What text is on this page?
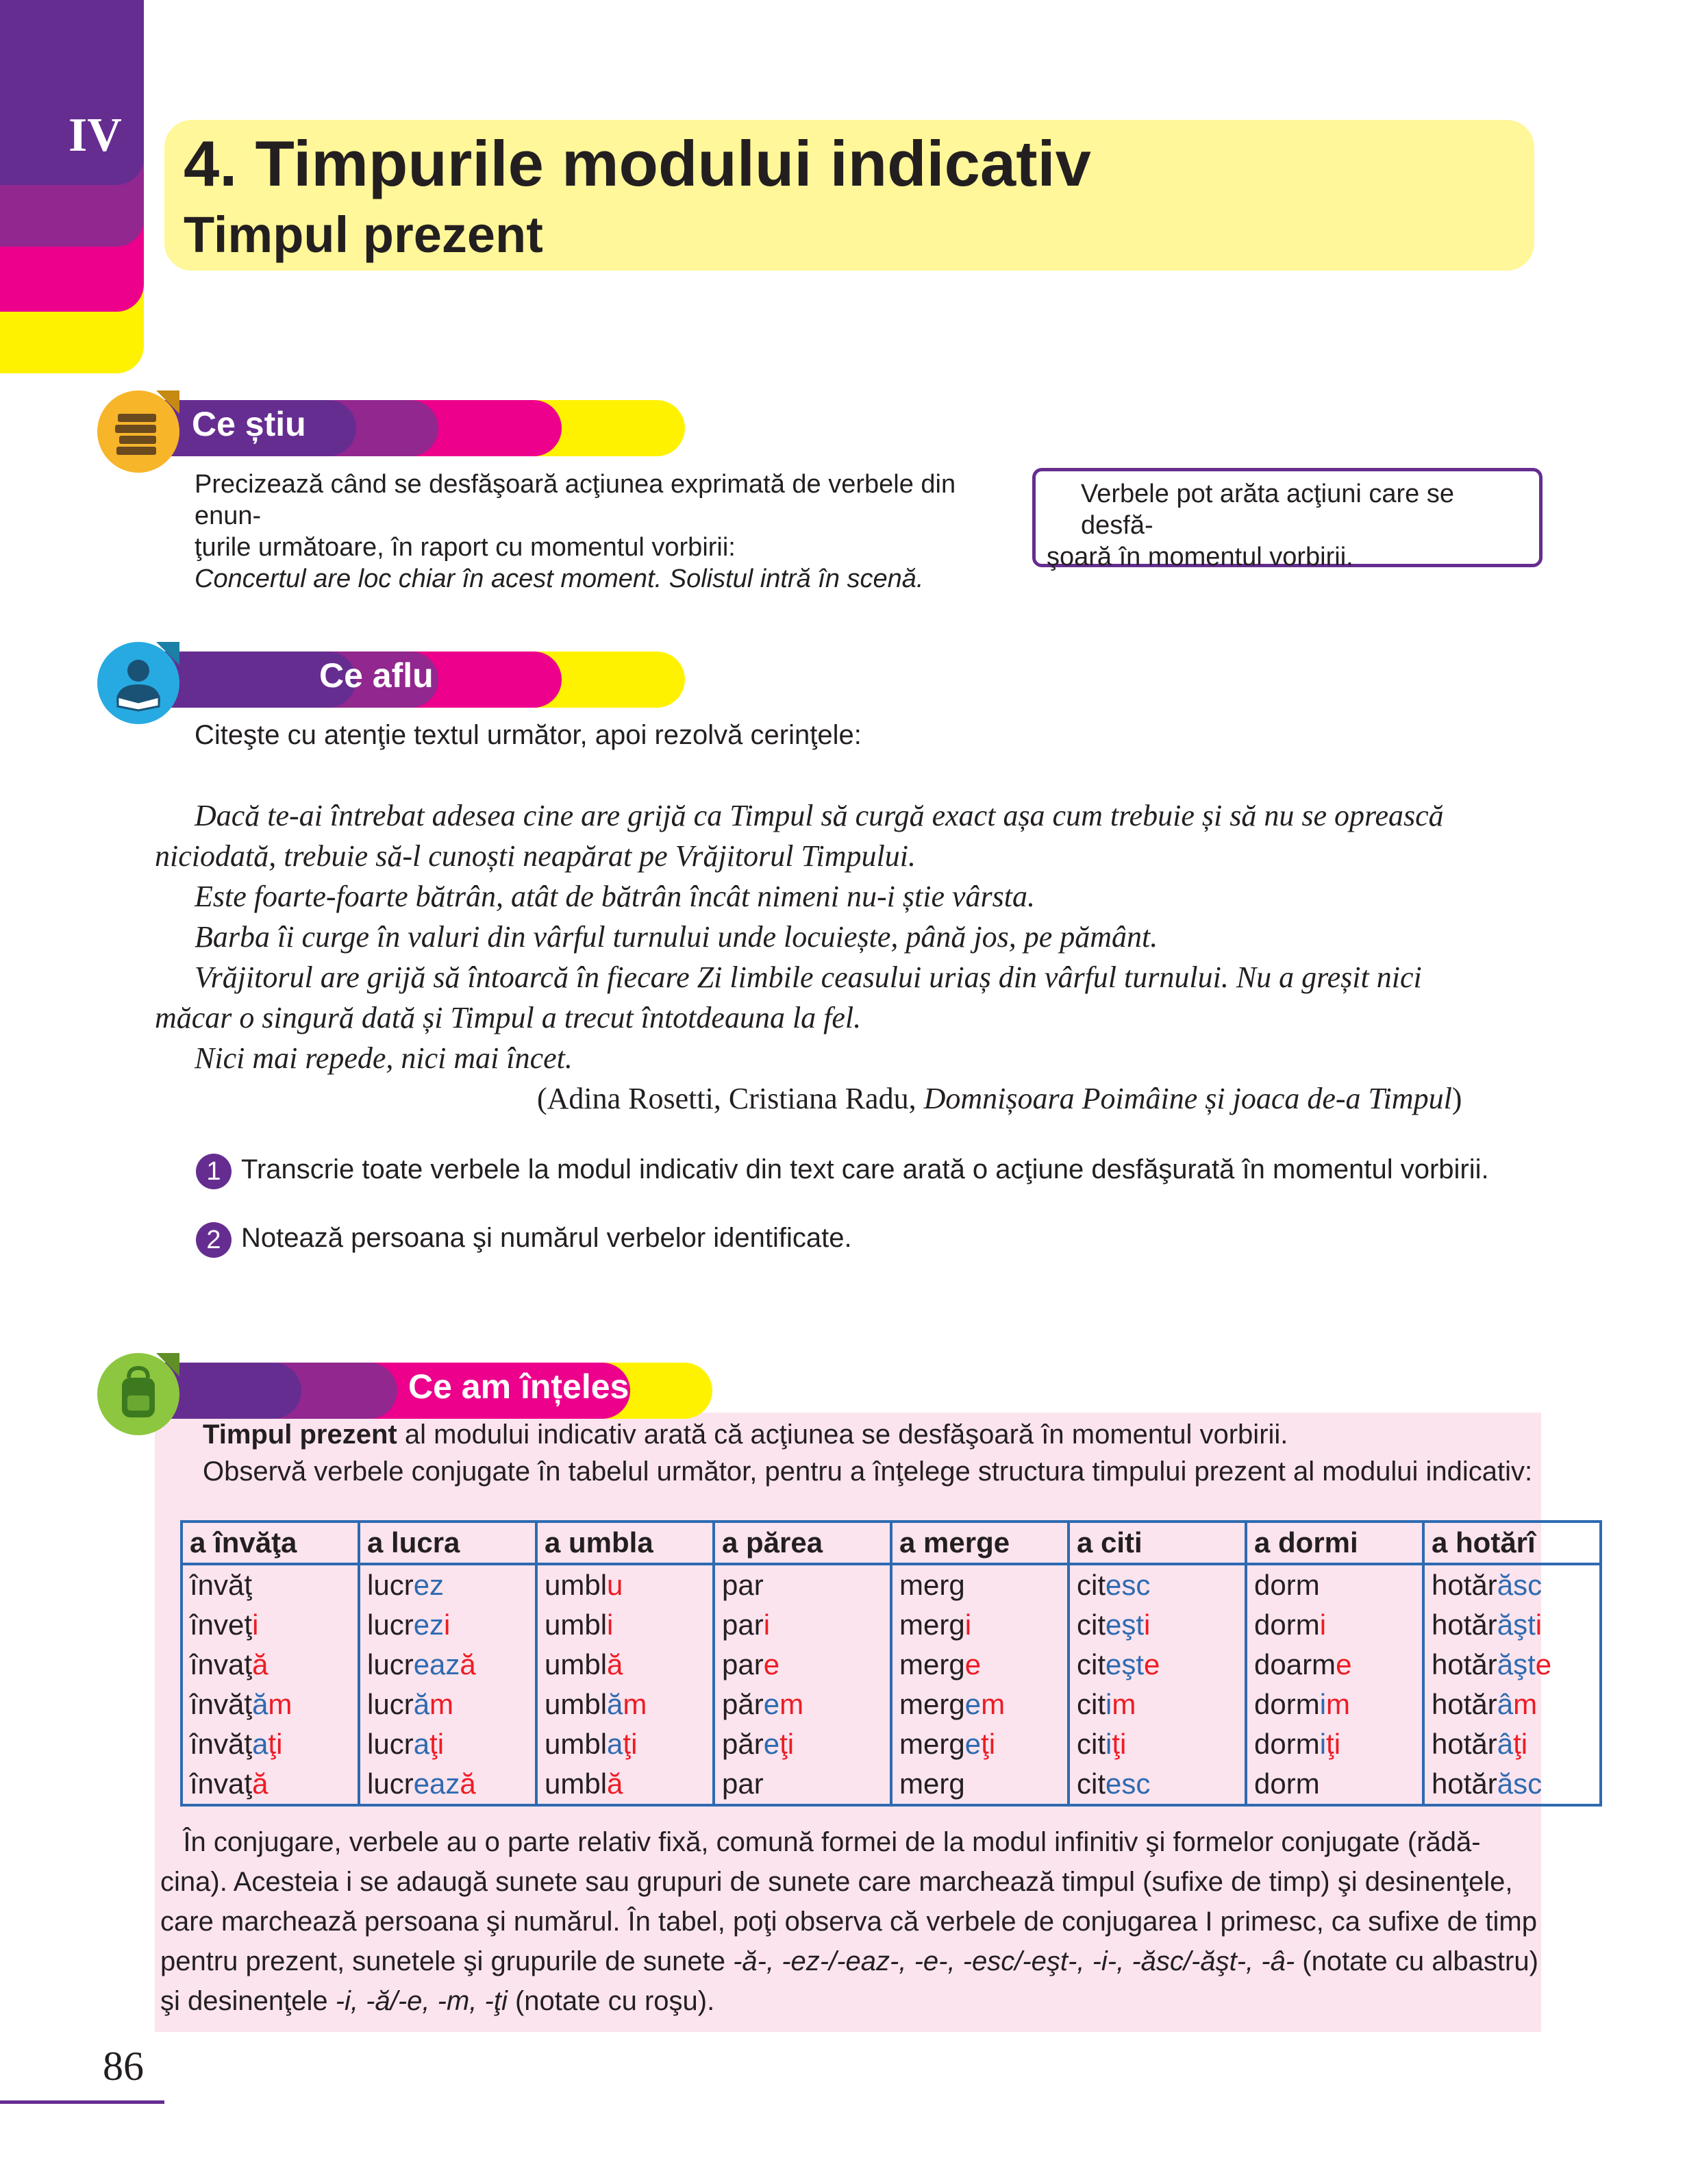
IV 4. Timpurile modului indicativ
Timpul prezent
Ce știu
Precizează când se desfăşoară acţiunea exprimată de verbele din enun-
ţurile următoare, în raport cu momentul vorbirii:
Concertul are loc chiar în acest moment. Solistul intră în scenă.
Verbele pot arăta acţiuni care se desfă-
şoară în momentul vorbirii.
Ce aflu
Citeşte cu atenţie textul următor, apoi rezolvă cerinţele:
Dacă te-ai întrebat adesea cine are grijă ca Timpul să curgă exact așa cum trebuie și să nu se oprească
niciodată, trebuie să-l cunoști neapărat pe Vrăjitorul Timpului.
Este foarte-foarte bătrân, atât de bătrân încât nimeni nu-i știe vârsta.
Barba îi curge în valuri din vârful turnului unde locuiește, până jos, pe pământ.
Vrăjitorul are grijă să întoarcă în fiecare Zi limbile ceasului uriaș din vârful turnului. Nu a greșit nici
măcar o singură dată și Timpul a trecut întotdeauna la fel.
Nici mai repede, nici mai încet.
(Adina Rosetti, Cristiana Radu, Domnișoara Poimâine și joaca de-a Timpul)
1 Transcrie toate verbele la modul indicativ din text care arată o acţiune desfăşurată în momentul vorbirii.
2 Notează persoana şi numărul verbelor identificate.
Ce am înțeles
Timpul prezent al modului indicativ arată că acţiunea se desfăşoară în momentul vorbirii.
Observă verbele conjugate în tabelul următor, pentru a înţelege structura timpului prezent al modului indicativ:
a învăţa	a lucra	a umbla	a părea	a merge	a citi	a dormi	a hotărî
învăţ	lucrez	umblu	par	merg	citesc	dorm	hotărăsc
înveţi	lucrezi	umbli	pari	mergi	citeşti	dormi	hotărăşti
învaţă	lucrează	umblă	pare	merge	citeşte	doarme	hotărăşte
învăţăm	lucrăm	umblăm	părem	mergem	citim	dormim	hotărâm
învăţaţi	lucraţi	umblaţi	păreţi	mergeţi	citiţi	dormiţi	hotărâţi
învaţă	lucrează	umblă	par	merg	citesc	dorm	hotărăsc
În conjugare, verbele au o parte relativ fixă, comună formei de la modul infinitiv şi formelor conjugate (rădă-
cina). Acesteia i se adaugă sunete sau grupuri de sunete care marchează timpul (sufixe de timp) şi desinenţele,
care marchează persoana şi numărul. În tabel, poţi observa că verbele de conjugarea I primesc, ca sufixe de timp
pentru prezent, sunetele şi grupurile de sunete -ă-, -ez-/-eaz-, -e-, -esc/-eşt-, -i-, -ăsc/-ăşt-, -â- (notate cu albastru)
şi desinenţele -i, -ă/-e, -m, -ţi (notate cu roşu).
86
